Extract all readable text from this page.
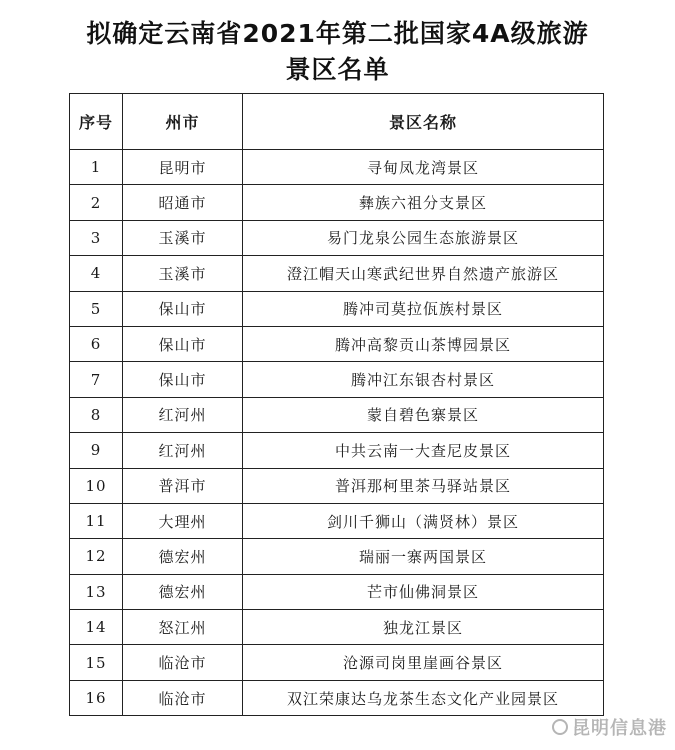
拟确定云南省2021年第二批国家4A级旅游
景区名单
序号	州市	景区名称
1	昆明市	寻甸凤龙湾景区
2	昭通市	彝族六祖分支景区
3	玉溪市	易门龙泉公园生态旅游景区
4	玉溪市	澄江帽天山寒武纪世界自然遗产旅游区
5	保山市	腾冲司莫拉佤族村景区
6	保山市	腾冲高黎贡山茶博园景区
7	保山市	腾冲江东银杏村景区
8	红河州	蒙自碧色寨景区
9	红河州	中共云南一大查尼皮景区
10	普洱市	普洱那柯里茶马驿站景区
11	大理州	剑川千狮山（满贤林）景区
12	德宏州	瑞丽一寨两国景区
13	德宏州	芒市仙佛洞景区
14	怒江州	独龙江景区
15	临沧市	沧源司岗里崖画谷景区
16	临沧市	双江荣康达乌龙茶生态文化产业园景区
昆明信息港
